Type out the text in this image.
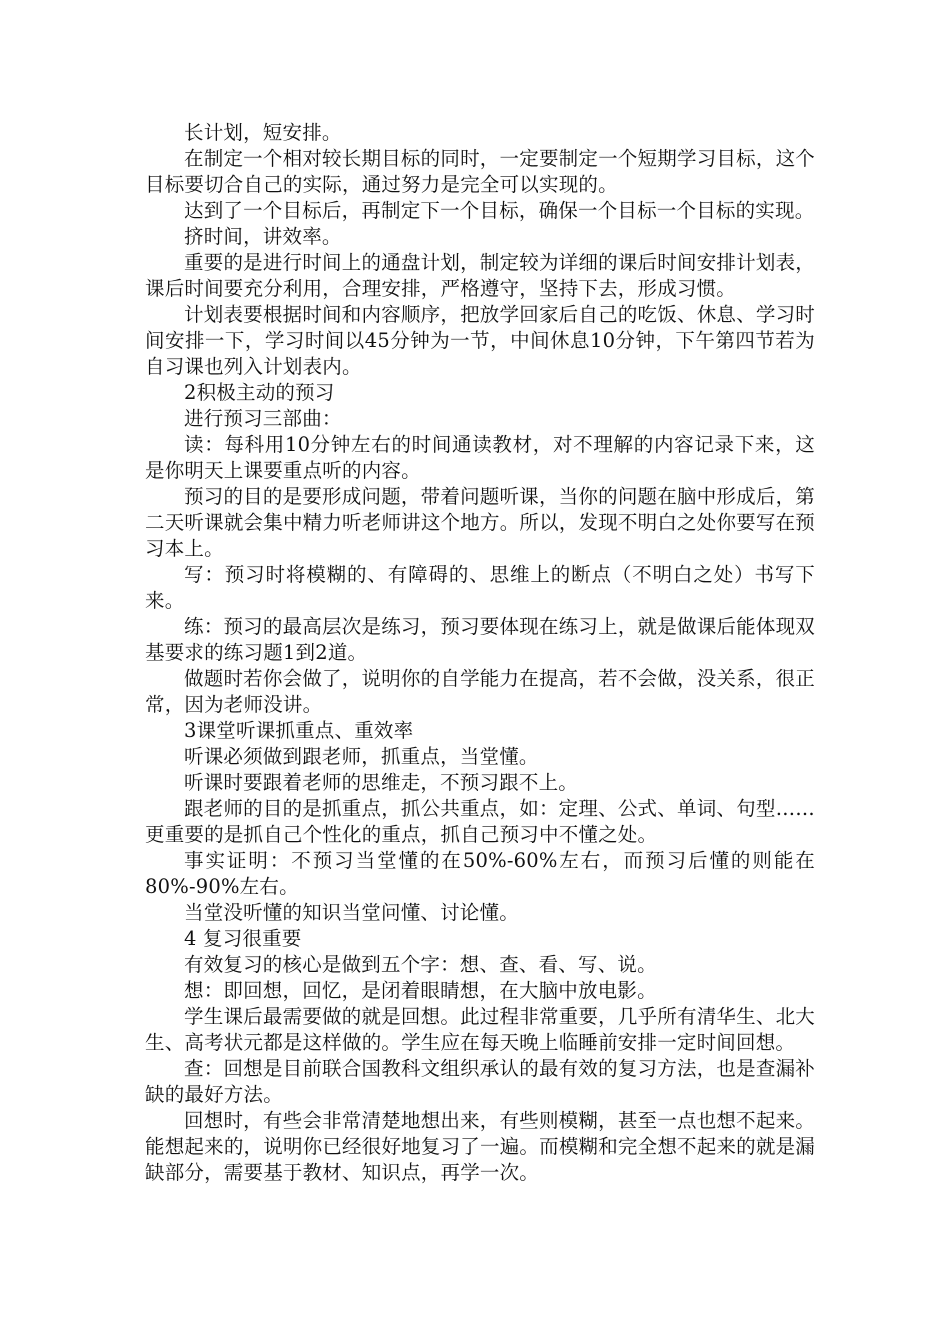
长计划，短安排。

在制定一个相对较长期目标的同时，一定要制定一个短期学习目标，这个目标要切合自己的实际，通过努力是完全可以实现的。

达到了一个目标后，再制定下一个目标，确保一个目标一个目标的实现。

挤时间，讲效率。

重要的是进行时间上的通盘计划，制定较为详细的课后时间安排计划表，课后时间要充分利用，合理安排，严格遵守，坚持下去，形成习惯。

计划表要根据时间和内容顺序，把放学回家后自己的吃饭、休息、学习时间安排一下，学习时间以45分钟为一节，中间休息10分钟，下午第四节若为自习课也列入计划表内。

2积极主动的预习

进行预习三部曲：

读：每科用10分钟左右的时间通读教材，对不理解的内容记录下来，这是你明天上课要重点听的内容。

预习的目的是要形成问题，带着问题听课，当你的问题在脑中形成后，第二天听课就会集中精力听老师讲这个地方。所以，发现不明白之处你要写在预习本上。

写：预习时将模糊的、有障碍的、思维上的断点（不明白之处）书写下来。

练：预习的最高层次是练习，预习要体现在练习上，就是做课后能体现双基要求的练习题1到2道。

做题时若你会做了，说明你的自学能力在提高，若不会做，没关系，很正常，因为老师没讲。

3课堂听课抓重点、重效率

听课必须做到跟老师，抓重点，当堂懂。

听课时要跟着老师的思维走，不预习跟不上。

跟老师的目的是抓重点，抓公共重点，如：定理、公式、单词、句型……更重要的是抓自己个性化的重点，抓自己预习中不懂之处。

事实证明：不预习当堂懂的在50%-60%左右，而预习后懂的则能在80%-90%左右。

当堂没听懂的知识当堂问懂、讨论懂。

4 复习很重要

有效复习的核心是做到五个字：想、查、看、写、说。

想：即回想，回忆，是闭着眼睛想，在大脑中放电影。

学生课后最需要做的就是回想。此过程非常重要，几乎所有清华生、北大生、高考状元都是这样做的。学生应在每天晚上临睡前安排一定时间回想。

查：回想是目前联合国教科文组织承认的最有效的复习方法，也是查漏补缺的最好方法。

回想时，有些会非常清楚地想出来，有些则模糊，甚至一点也想不起来。能想起来的，说明你已经很好地复习了一遍。而模糊和完全想不起来的就是漏缺部分，需要基于教材、知识点，再学一次。
